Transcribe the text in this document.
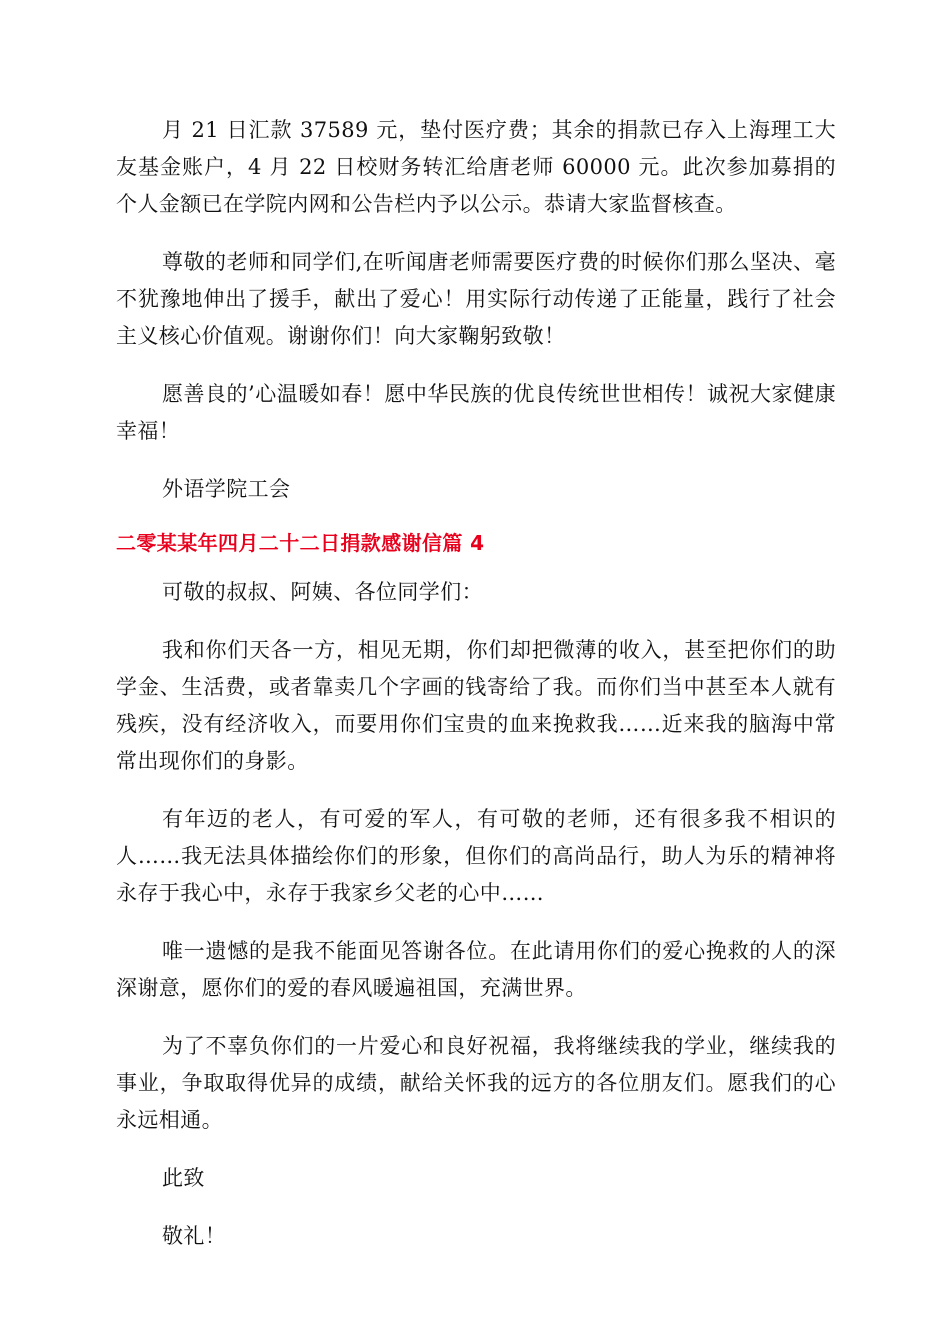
月 21 日汇款 37589 元，垫付医疗费；其余的捐款已存入上海理工大友基金账户，4 月 22 日校财务转汇给唐老师 60000 元。此次参加募捐的个人金额已在学院内网和公告栏内予以公示。恭请大家监督核查。

尊敬的老师和同学们,在听闻唐老师需要医疗费的时候你们那么坚决、毫不犹豫地伸出了援手，献出了爱心！用实际行动传递了正能量，践行了社会主义核心价值观。谢谢你们！向大家鞠躬致敬！

愿善良的’心温暖如春！愿中华民族的优良传统世世相传！诚祝大家健康幸福！

外语学院工会

二零某某年四月二十二日捐款感谢信篇 4

可敬的叔叔、阿姨、各位同学们：

我和你们天各一方，相见无期，你们却把微薄的收入，甚至把你们的助学金、生活费，或者靠卖几个字画的钱寄给了我。而你们当中甚至本人就有残疾，没有经济收入，而要用你们宝贵的血来挽救我……近来我的脑海中常常出现你们的身影。

有年迈的老人，有可爱的军人，有可敬的老师，还有很多我不相识的人……我无法具体描绘你们的形象，但你们的高尚品行，助人为乐的精神将永存于我心中，永存于我家乡父老的心中……

唯一遗憾的是我不能面见答谢各位。在此请用你们的爱心挽救的人的深深谢意，愿你们的爱的春风暖遍祖国，充满世界。

为了不辜负你们的一片爱心和良好祝福，我将继续我的学业，继续我的事业，争取取得优异的成绩，献给关怀我的远方的各位朋友们。愿我们的心永远相通。

此致

敬礼！
